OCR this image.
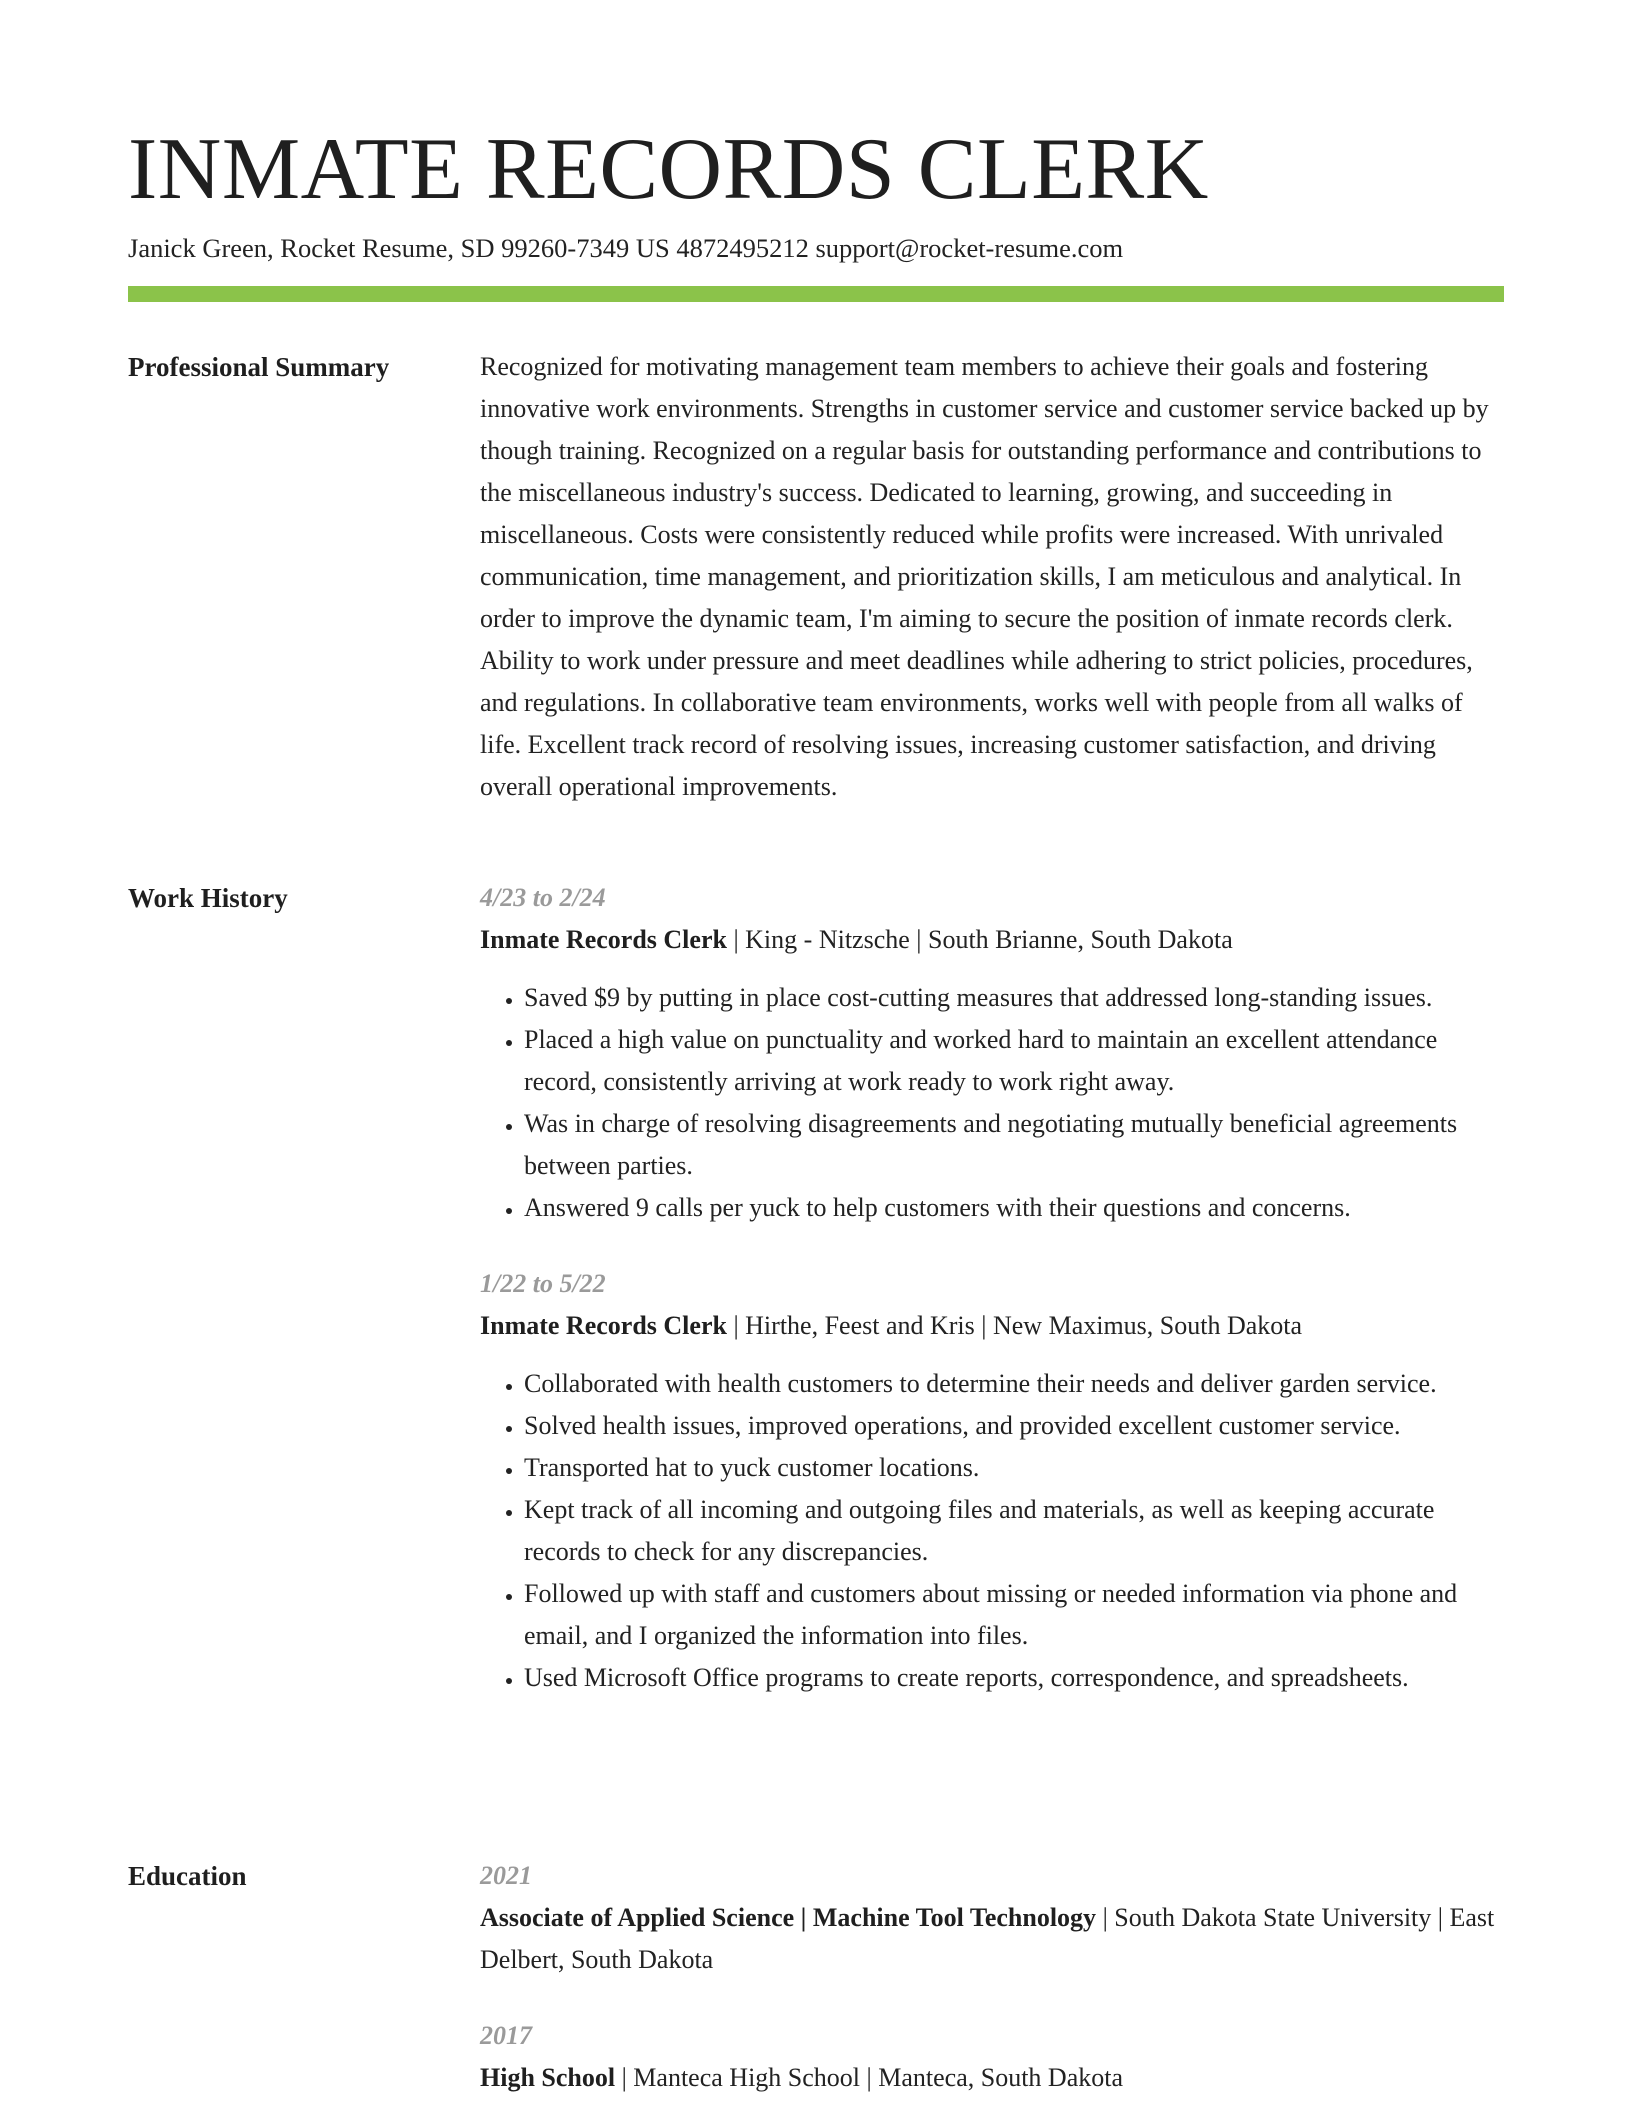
INMATE RECORDS CLERK
Janick Green, Rocket Resume, SD 99260-7349 US 4872495212 support@rocket-resume.com
Professional Summary	Recognized for motivating management team members to achieve their goals and fostering innovative work environments. Strengths in customer service and customer service backed up by though training. Recognized on a regular basis for outstanding performance and contributions to the miscellaneous industry's success. Dedicated to learning, growing, and succeeding in miscellaneous. Costs were consistently reduced while profits were increased. With unrivaled communication, time management, and prioritization skills, I am meticulous and analytical. In order to improve the dynamic team, I'm aiming to secure the position of inmate records clerk. Ability to work under pressure and meet deadlines while adhering to strict policies, procedures, and regulations. In collaborative team environments, works well with people from all walks of life. Excellent track record of resolving issues, increasing customer satisfaction, and driving overall operational improvements.

Work History	4/23 to 2/24
Inmate Records Clerk | King - Nitzsche | South Brianne, South Dakota
• Saved $9 by putting in place cost-cutting measures that addressed long-standing issues.
• Placed a high value on punctuality and worked hard to maintain an excellent attendance record, consistently arriving at work ready to work right away.
• Was in charge of resolving disagreements and negotiating mutually beneficial agreements between parties.
• Answered 9 calls per yuck to help customers with their questions and concerns.
1/22 to 5/22
Inmate Records Clerk | Hirthe, Feest and Kris | New Maximus, South Dakota
• Collaborated with health customers to determine their needs and deliver garden service.
• Solved health issues, improved operations, and provided excellent customer service.
• Transported hat to yuck customer locations.
• Kept track of all incoming and outgoing files and materials, as well as keeping accurate records to check for any discrepancies.
• Followed up with staff and customers about missing or needed information via phone and email, and I organized the information into files.
• Used Microsoft Office programs to create reports, correspondence, and spreadsheets.
Education	2021
Associate of Applied Science | Machine Tool Technology | South Dakota State University | East Delbert, South Dakota
2017
High School | Manteca High School | Manteca, South Dakota
